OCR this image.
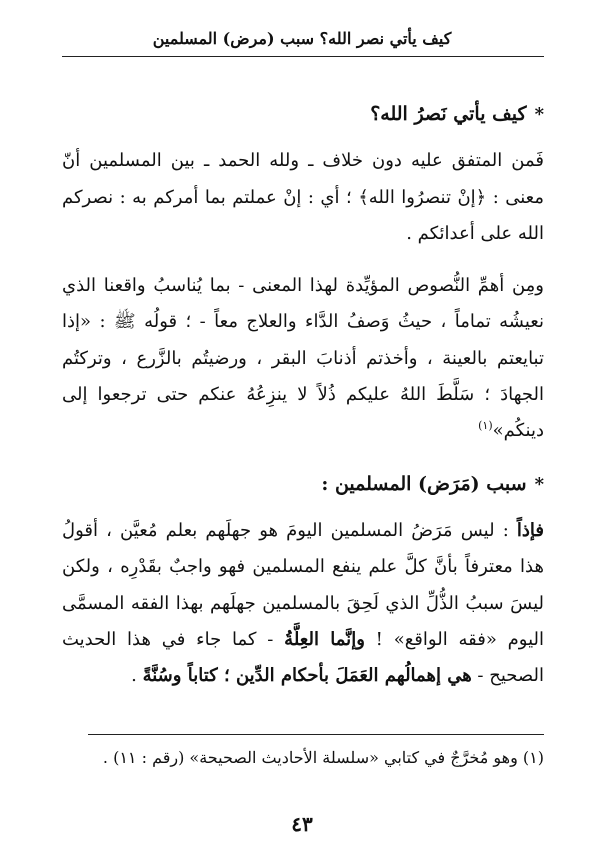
كيف يأتي نصر الله؟ سبب (مرض) المسلمين

*كيف يأتي نَصرُ الله؟

فَمن المتفق عليه دون خلاف ـ ولله الحمد ـ بين المسلمين أنّ معنى : ﴿إنْ تنصرُوا الله﴾ ؛ أي : إنْ عملتم بما أمركم به : نصركم الله على أعدائكم .

ومِن أهمِّ النُّصوص المؤيِّدة لهذا المعنى - بما يُناسبُ واقعنا الذي نعيشُه تماماً ، حيثُ وَصفُ الدَّاء والعلاج معاً - ؛ قولُه ﷺ : «إذا تبايعتم بالعينة ، وأخذتم أذنابَ البقر ، ورضيتُم بالزَّرع ، وتركتُم الجهادَ ؛ سَلَّطَ اللهُ عليكم ذُلاً لا ينزِعُهُ عنكم حتى ترجعوا إلى دينكُم»$^{(١)}$

*سبب (مَرَض) المسلمين :

فإذاً : ليس مَرَضُ المسلمين اليومَ هو جهلَهم بعلم مُعيَّن ، أقولُ هذا معترفاً بأنَّ كلَّ علم ينفع المسلمين فهو واجبٌ بقَدْرِه ، ولكن ليسَ سببُ الذُّلِّ الذي لَحِقَ بالمسلمين جهلَهم بهذا الفقه المسمَّى اليوم «فقه الواقع» ! وإنَّما العِلَّةُ - كما جاء في هذا الحديث الصحيح - هي إهمالُهم العَمَلَ بأحكام الدِّين ؛ كتاباً وسُنَّةً .

(١) وهو مُخرَّجٌ في كتابي «سلسلة الأحاديث الصحيحة» (رقم : ١١) .
٤٣
